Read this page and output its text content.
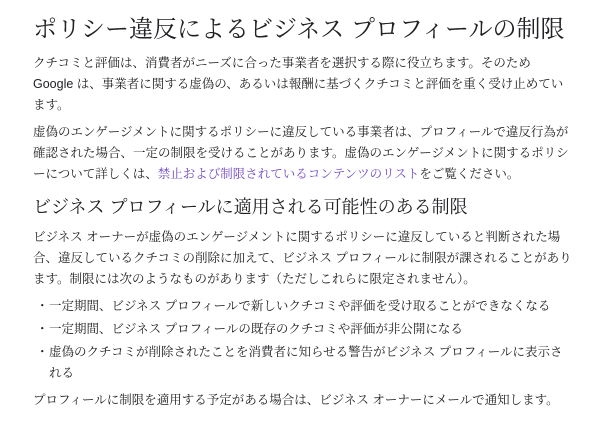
ポリシー違反によるビジネス プロフィールの制限

クチコミと評価は、消費者がニーズに合った事業者を選択する際に役立ちます。そのため Google は、事業者に関する虚偽の、あるいは報酬に基づくクチコミと評価を重く受け止めています。

虚偽のエンゲージメントに関するポリシーに違反している事業者は、プロフィールで違反行為が確認された場合、一定の制限を受けることがあります。虚偽のエンゲージメントに関するポリシーについて詳しくは、禁止および制限されているコンテンツのリストをご覧ください。

ビジネス プロフィールに適用される可能性のある制限

ビジネス オーナーが虚偽のエンゲージメントに関するポリシーに違反していると判断された場合、違反しているクチコミの削除に加えて、ビジネス プロフィールに制限が課されることがあります。制限には次のようなものがあります（ただしこれらに限定されません）。

・ 一定期間、ビジネス プロフィールで新しいクチコミや評価を受け取ることができなくなる
・ 一定期間、ビジネス プロフィールの既存のクチコミや評価が非公開になる
・ 虚偽のクチコミが削除されたことを消費者に知らせる警告がビジネス プロフィールに表示される

プロフィールに制限を適用する予定がある場合は、ビジネス オーナーにメールで通知します。
